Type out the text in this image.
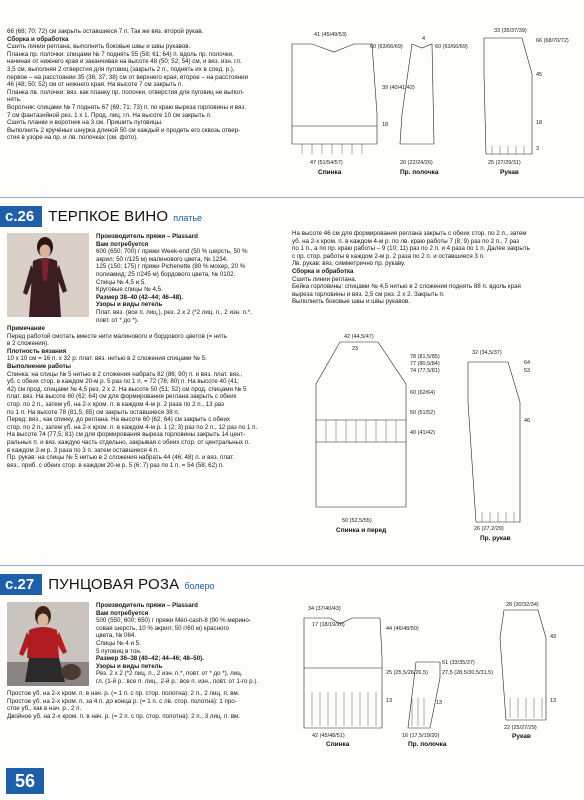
66 (68; 70; 72) см закрыть оставшиеся 7 п. Так же вяз. второй рукав.
Сборка и обработка
Сшить линии реглана, выполнить боковые швы и швы рукавов.
Планка пр. полочки: спицами № 7 поднять 55 (58; 61; 64) п. вдоль пр. полочки,
начиная от нижнего края и заканчивая на высоте 48 (50; 52; 54) см, и вяз. изн. гл.
3,5 см, выполняя 2 отверстия для пуговиц (закрыть 2 п., поднять их в след. р.),
первое – на расстоянии 35 (36; 37; 38) см от верхнего края, второе – на расстоянии
46 (48; 50; 52) см от нижнего края. На высоте 7 см закрыть п.
Планка лв. полочки: вяз. как планку пр. полочки, отверстия для пуговиц не выпол-
нять.
Воротник: спицами № 7 поднять 67 (69; 71; 73) п. по краю выреза горловины и вяз.
7 см фантазийной рез. 1 х 1. Прод. лиц. гл. На высоте 10 см закрыть п.
Сшить планки и воротник на 3 см. Пришить пуговицы.
Выполнить 2 кручёных шнурка длиной 50 см каждый и продеть его сквозь отвер-
стия в узоре на пр. и лв. полочках (см. фото).
41 (45/49/53)
60 (63/66/69)
39 (40/41/42)
18
47 (51/54/57)
Спинка
4
60 (63/66/69)
20 (22/24/26)
Пр. полочка
33 (35/37/39)
66 (68/70/72)
45
18
3
25 (27/29/31)
Рукав
с.26 ТЕРПКОЕ ВИНО платье
Производитель пряжи – Plassard
Вам потребуется
600 (650; 700) г пряжи Week-end (50 % шерсть, 50 %
акрил; 50 г/125 м) малинового цвета, № 1234.
125 (150; 175) г пряжи Pichenette (80 % мохер, 20 %
полиамид; 25 г/245 м) бордового цвета, № 0102.
Спицы № 4,5 и 5.
Круговые спицы № 4,5.
Размер 38–40 (42–44; 46–48).
Узоры и виды петель
Плат. вяз. (все п. лиц.), рез. 2 х 2 (*2 лиц. п., 2 изн. п.*,
повт. от * до *).
Примечание
Перед работой смотать вместе нити малинового и бордового цветов (= нить
в 2 сложения).
Плотность вязания
10 х 10 см = 16 п. х 32 р. плат. вяз. нитью в 2 сложения спицами № 5.
Выполнение работы
Спинка: на спицы № 5 нитью в 2 сложения набрать 82 (86; 90) п. и вяз. плат. вяз.,
уб. с обеих стор. в каждом 20-м р. 5 раз по 1 п. = 72 (76; 80) п. На высоте 40 (41;
42) см прод. спицами № 4,5 рез. 2 х 2. На высоте 50 (51; 52) см прод. спицами № 5
плат. вяз. На высоте 60 (62; 64) см для формирования реглана закрыть с обеих
стор. по 2 п., затем уб. на 2-х кром. п. в каждом 4-м р. 2 раза по 2 п., 13 раз
по 1 п. На высоте 78 (81,5; 85) см закрыть оставшиеся 38 п.
Перед: вяз., как спинку, до реглана. На высоте 60 (62; 64) см закрыть с обеих
стор. по 2 п., затем уб. на 2-х кром. п. в каждом 4-м р. 1 (2; 3) раз по 2 п., 12 раз по 1 п.
На высоте 74 (77,5; 81) см для формирования выреза горловины закрыть 14 цент-
ральных п. и вяз. каждую часть отдельно, закрывая с обеих стор. от центральных п.
в каждом 2-м р. 3 раза по 3 п. затем оставшиеся 4 п.
Пр. рукав: на спицы № 5 нитью в 2 сложения набрать 44 (46; 48) п. и вяз. плат.
вяз., приб. с обеих стор. в каждом 20-м р. 5 (6; 7) раз по 1 п. = 54 (58; 62) п.
На высоте 46 см для формирования реглана закрыть с обеих стор. по 2 п., затем
уб. на 2-х кром. п. в каждом 4-м р. по лв. краю работы 7 (8; 9) раз по 2 п., 7 раз
по 1 п., а по пр. краю работы – 9 (10; 11) раз по 2 п. и 4 раза по 1 п. Далее закрыть
с пр. стор. работы в каждом 2-м р. 2 раза по 2 п. и оставшиеся 3 п.
Лв. рукав: вяз. симметрично пр. рукаву.
Сборка и обработка
Сшить линии реглана.
Бейка горловины: спицами № 4,5 нитью в 2 сложения поднять 88 п. вдоль края
выреза горловины и вяз. 2,5 см рез. 2 х 2. Закрыть п.
Выполнить боковые швы и швы рукавов.
42 (44,5/47)
23
78 (81,5/85)
77 (80,5/84)
74 (77,5/81)
60 (62/64)
50 (51/52)
40 (41/42)
50 (52,5/55)
Спинка и перед
32 (34,5/37)
64
53
46
26 (27,2/29)
Пр. рукав
с.27 ПУНЦОВАЯ РОЗА болеро
Производитель пряжи – Plassard
Вам потребуется
500 (550; 600; 650) г пряжи Méri-cash-8 (90 % мерино-
совая шерсть, 10 % акрил; 50 г/60 м) красного
цвета, № 064.
Спицы № 4 и 5.
5 пуговиц в тон.
Размер 36–38 (40–42; 44–46; 48–50).
Узоры и виды петель
Рез. 2 х 2 (*2 лиц. п., 2 изн. п.*, повт. от * до *), лиц.
гл. (1-й р.: все п. лиц., 2-й р.: все п. изн., повт. от 1-го р.).
Простое уб. на 2-х кром. п. в нач. р. (= 1 п. с пр. стор. полотна): 2 п., 2 лиц. п. вм.
Простое уб. на 2-х кром. п. за 4 п. до конца р. (= 1 п. с лв. стор. полотна): 1 про-
стое уб., как в нач. р., 2 п.
Двойное уб. на 2-х кром. п. в нач. р. (= 2 п. с пр. стор. полотна): 2 п., 3 лиц. п. вм.
34 (37/40/43)
17 (18/19/20)
44 (46/48/50)
25 (25,5/26/26,5)
13
42 (45/48/51)
Спинка
51 (33/35/37)
27,5 (28,5/30,5/31,5)
13
16 (17,5/19/20)
Пр. полочка
28 (30/32/34)
43
13
22 (25/27/29)
Рукав
56
